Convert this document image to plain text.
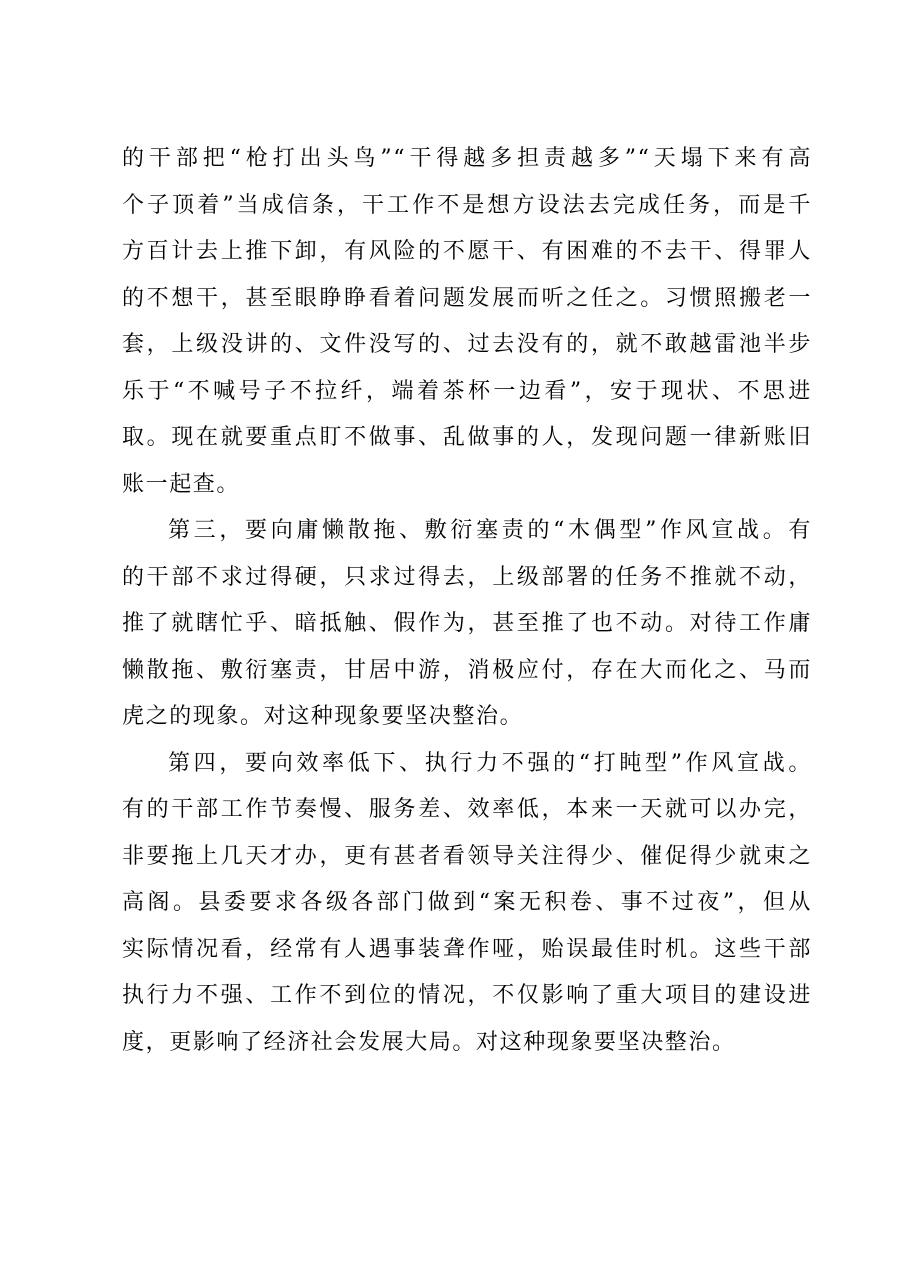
的干部把“枪打出头鸟”“干得越多担责越多”“天塌下来有高
个子顶着”当成信条，干工作不是想方设法去完成任务，而是千
方百计去上推下卸，有风险的不愿干、有困难的不去干、得罪人
的不想干，甚至眼睁睁看着问题发展而听之任之。习惯照搬老一
套，上级没讲的、文件没写的、过去没有的，就不敢越雷池半步
乐于“不喊号子不拉纤，端着茶杯一边看”，安于现状、不思进
取。现在就要重点盯不做事、乱做事的人，发现问题一律新账旧
账一起查。
第三，要向庸懒散拖、敷衍塞责的“木偶型”作风宣战。有
的干部不求过得硬，只求过得去，上级部署的任务不推就不动，
推了就瞎忙乎、暗抵触、假作为，甚至推了也不动。对待工作庸
懒散拖、敷衍塞责，甘居中游，消极应付，存在大而化之、马而
虎之的现象。对这种现象要坚决整治。
第四，要向效率低下、执行力不强的“打盹型”作风宣战。
有的干部工作节奏慢、服务差、效率低，本来一天就可以办完，
非要拖上几天才办，更有甚者看领导关注得少、催促得少就束之
高阁。县委要求各级各部门做到“案无积卷、事不过夜”，但从
实际情况看，经常有人遇事装聋作哑，贻误最佳时机。这些干部
执行力不强、工作不到位的情况，不仅影响了重大项目的建设进
度，更影响了经济社会发展大局。对这种现象要坚决整治。
